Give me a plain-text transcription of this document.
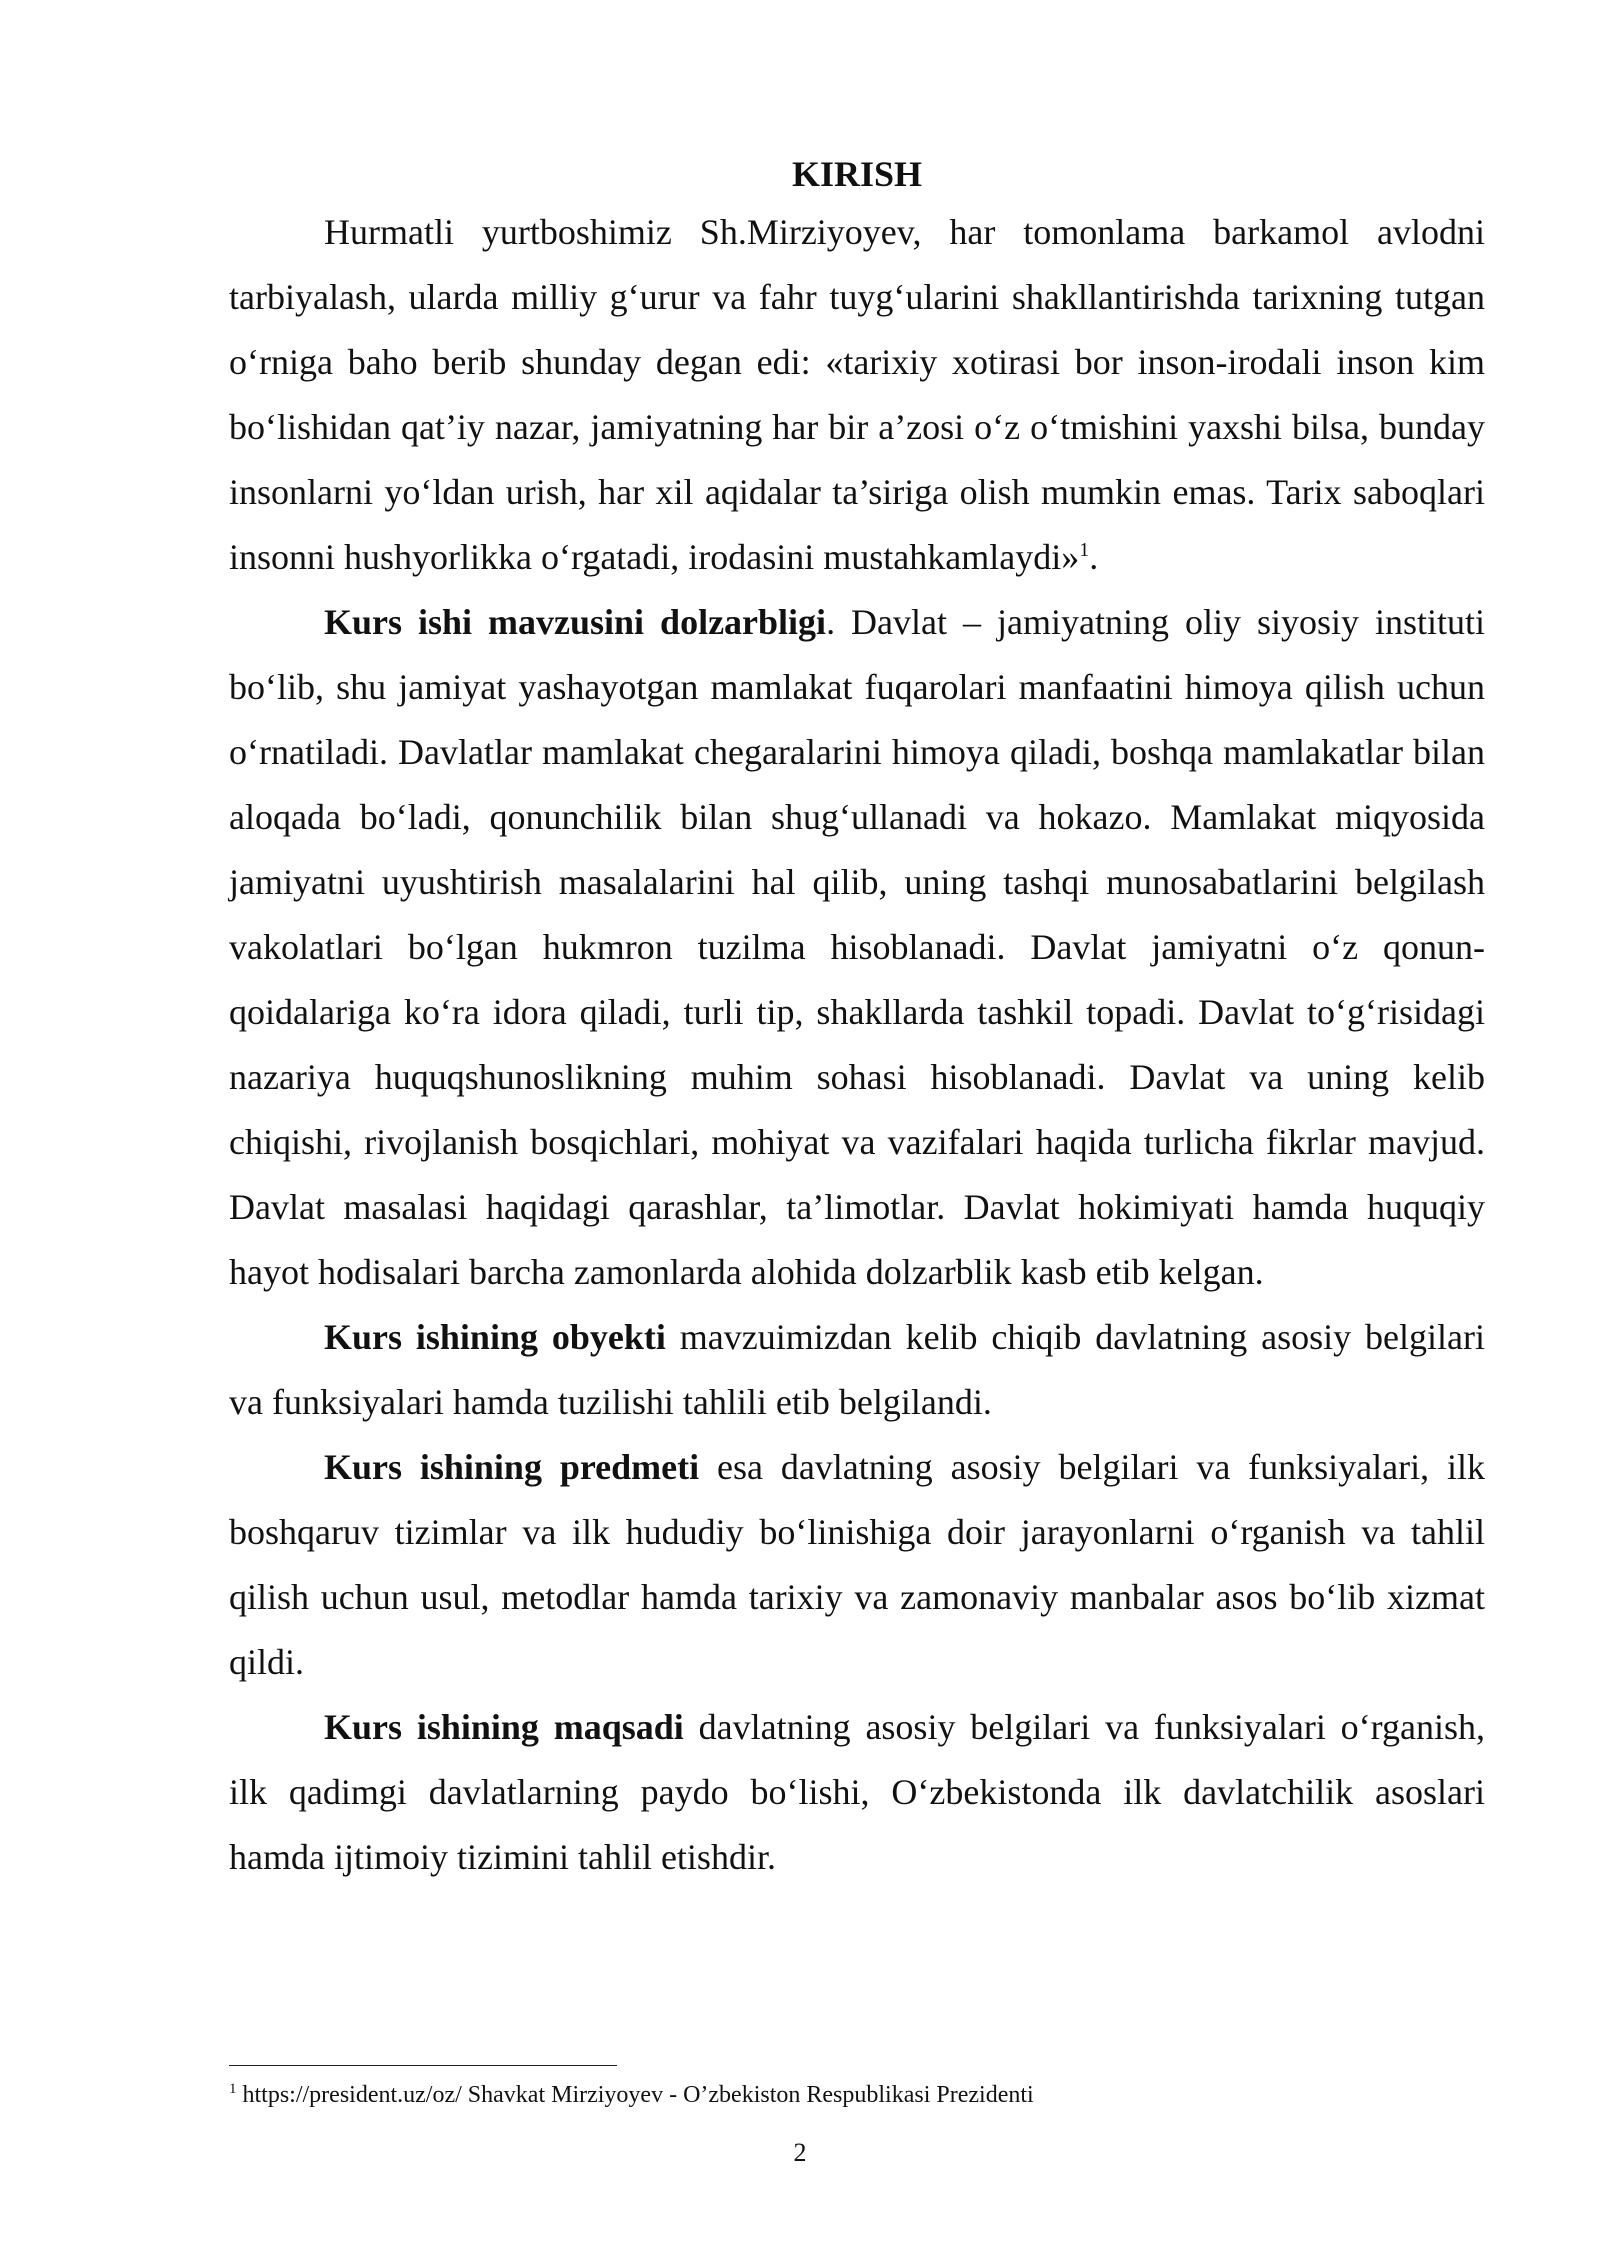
KIRISH

Hurmatli yurtboshimiz Sh.Mirziyoyev, har tomonlama barkamol avlodni tarbiyalash, ularda milliy g‘urur va fahr tuyg‘ularini shakllantirishda tarixning tutgan o‘rniga baho berib shunday degan edi: «tarixiy xotirasi bor inson-irodali inson kim bo‘lishidan qat’iy nazar, jamiyatning har bir a’zosi o‘z o‘tmishini yaxshi bilsa, bunday insonlarni yo‘ldan urish, har xil aqidalar ta’siriga olish mumkin emas. Tarix saboqlari insonni hushyorlikka o‘rgatadi, irodasini mustahkamlaydi»$^1$.

Kurs ishi mavzusini dolzarbligi. Davlat – jamiyatning oliy siyosiy instituti bo‘lib, shu jamiyat yashayotgan mamlakat fuqarolari manfaatini himoya qilish uchun o‘rnatiladi. Davlatlar mamlakat chegaralarini himoya qiladi, boshqa mamlakatlar bilan aloqada bo‘ladi, qonunchilik bilan shug‘ullanadi va hokazo. Mamlakat miqyosida jamiyatni uyushtirish masalalarini hal qilib, uning tashqi munosabatlarini belgilash vakolatlari bo‘lgan hukmron tuzilma hisoblanadi. Davlat jamiyatni o‘z qonun-qoidalariga ko‘ra idora qiladi, turli tip, shakllarda tashkil topadi. Davlat to‘g‘risidagi nazariya huquqshunoslikning muhim sohasi hisoblanadi. Davlat va uning kelib chiqishi, rivojlanish bosqichlari, mohiyat va vazifalari haqida turlicha fikrlar mavjud. Davlat masalasi haqidagi qarashlar, ta’limotlar. Davlat hokimiyati hamda huquqiy hayot hodisalari barcha zamonlarda alohida dolzarblik kasb etib kelgan.

Kurs ishining obyekti mavzuimizdan kelib chiqib davlatning asosiy belgilari va funksiyalari hamda tuzilishi tahlili etib belgilandi.

Kurs ishining predmeti esa davlatning asosiy belgilari va funksiyalari, ilk boshqaruv tizimlar va ilk hududiy bo‘linishiga doir jarayonlarni o‘rganish va tahlil qilish uchun usul, metodlar hamda tarixiy va zamonaviy manbalar asos bo‘lib xizmat qildi.

Kurs ishining maqsadi davlatning asosiy belgilari va funksiyalari o‘rganish, ilk qadimgi davlatlarning paydo bo‘lishi, O‘zbekistonda ilk davlatchilik asoslari hamda ijtimoiy tizimini tahlil etishdir.

$^1$ https://president.uz/oz/ Shavkat Mirziyoyev - O’zbekiston Respublikasi Prezidenti

2
